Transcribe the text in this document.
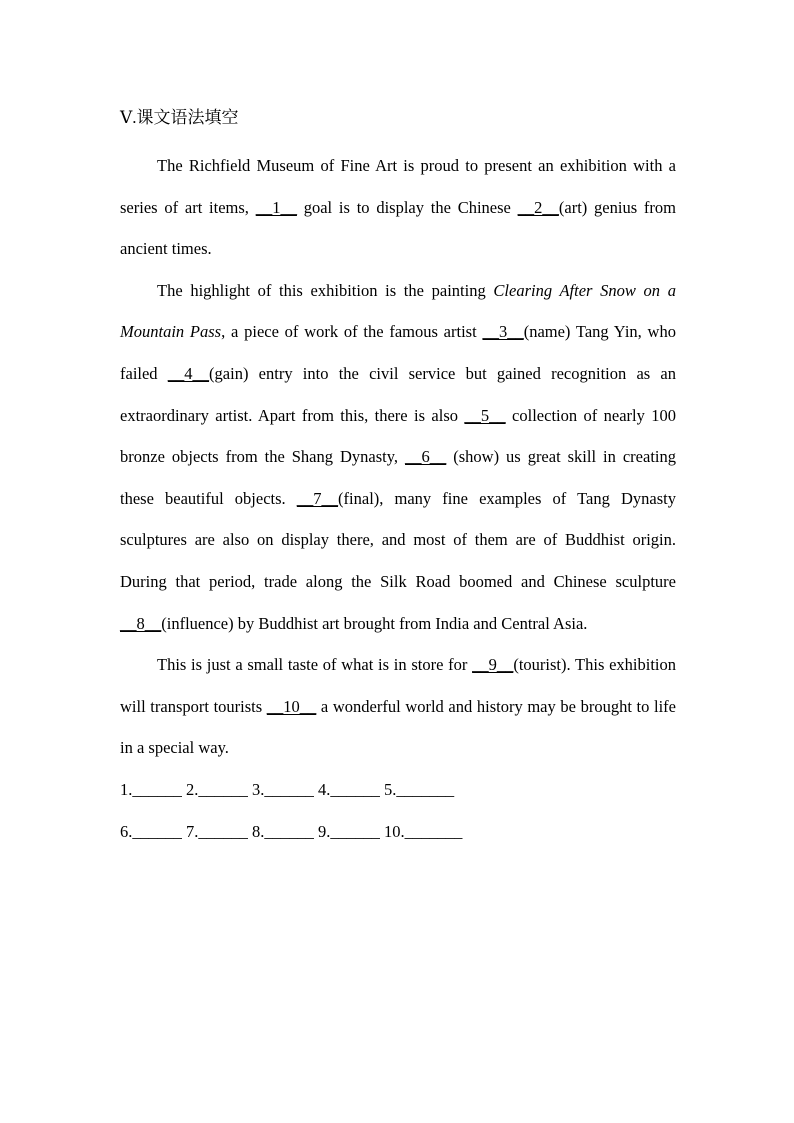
Ⅴ.课文语法填空

The Richfield Museum of Fine Art is proud to present an exhibition with a series of art items, __1__ goal is to display the Chinese __2__(art) genius from ancient times.

The highlight of this exhibition is the painting Clearing After Snow on a Mountain Pass, a piece of work of the famous artist __3__(name) Tang Yin, who failed __4__(gain) entry into the civil service but gained recognition as an extraordinary artist. Apart from this, there is also __5__ collection of nearly 100 bronze objects from the Shang Dynasty, __6__ (show) us great skill in creating these beautiful objects. __7__(final), many fine examples of Tang Dynasty sculptures are also on display there, and most of them are of Buddhist origin. During that period, trade along the Silk Road boomed and Chinese sculpture __8__(influence) by Buddhist art brought from India and Central Asia.

This is just a small taste of what is in store for __9__(tourist). This exhibition will transport tourists __10__ a wonderful world and history may be brought to life in a special way.

1.______ 2.______ 3.______ 4.______ 5._______

6.______ 7.______ 8.______ 9.______ 10._______
